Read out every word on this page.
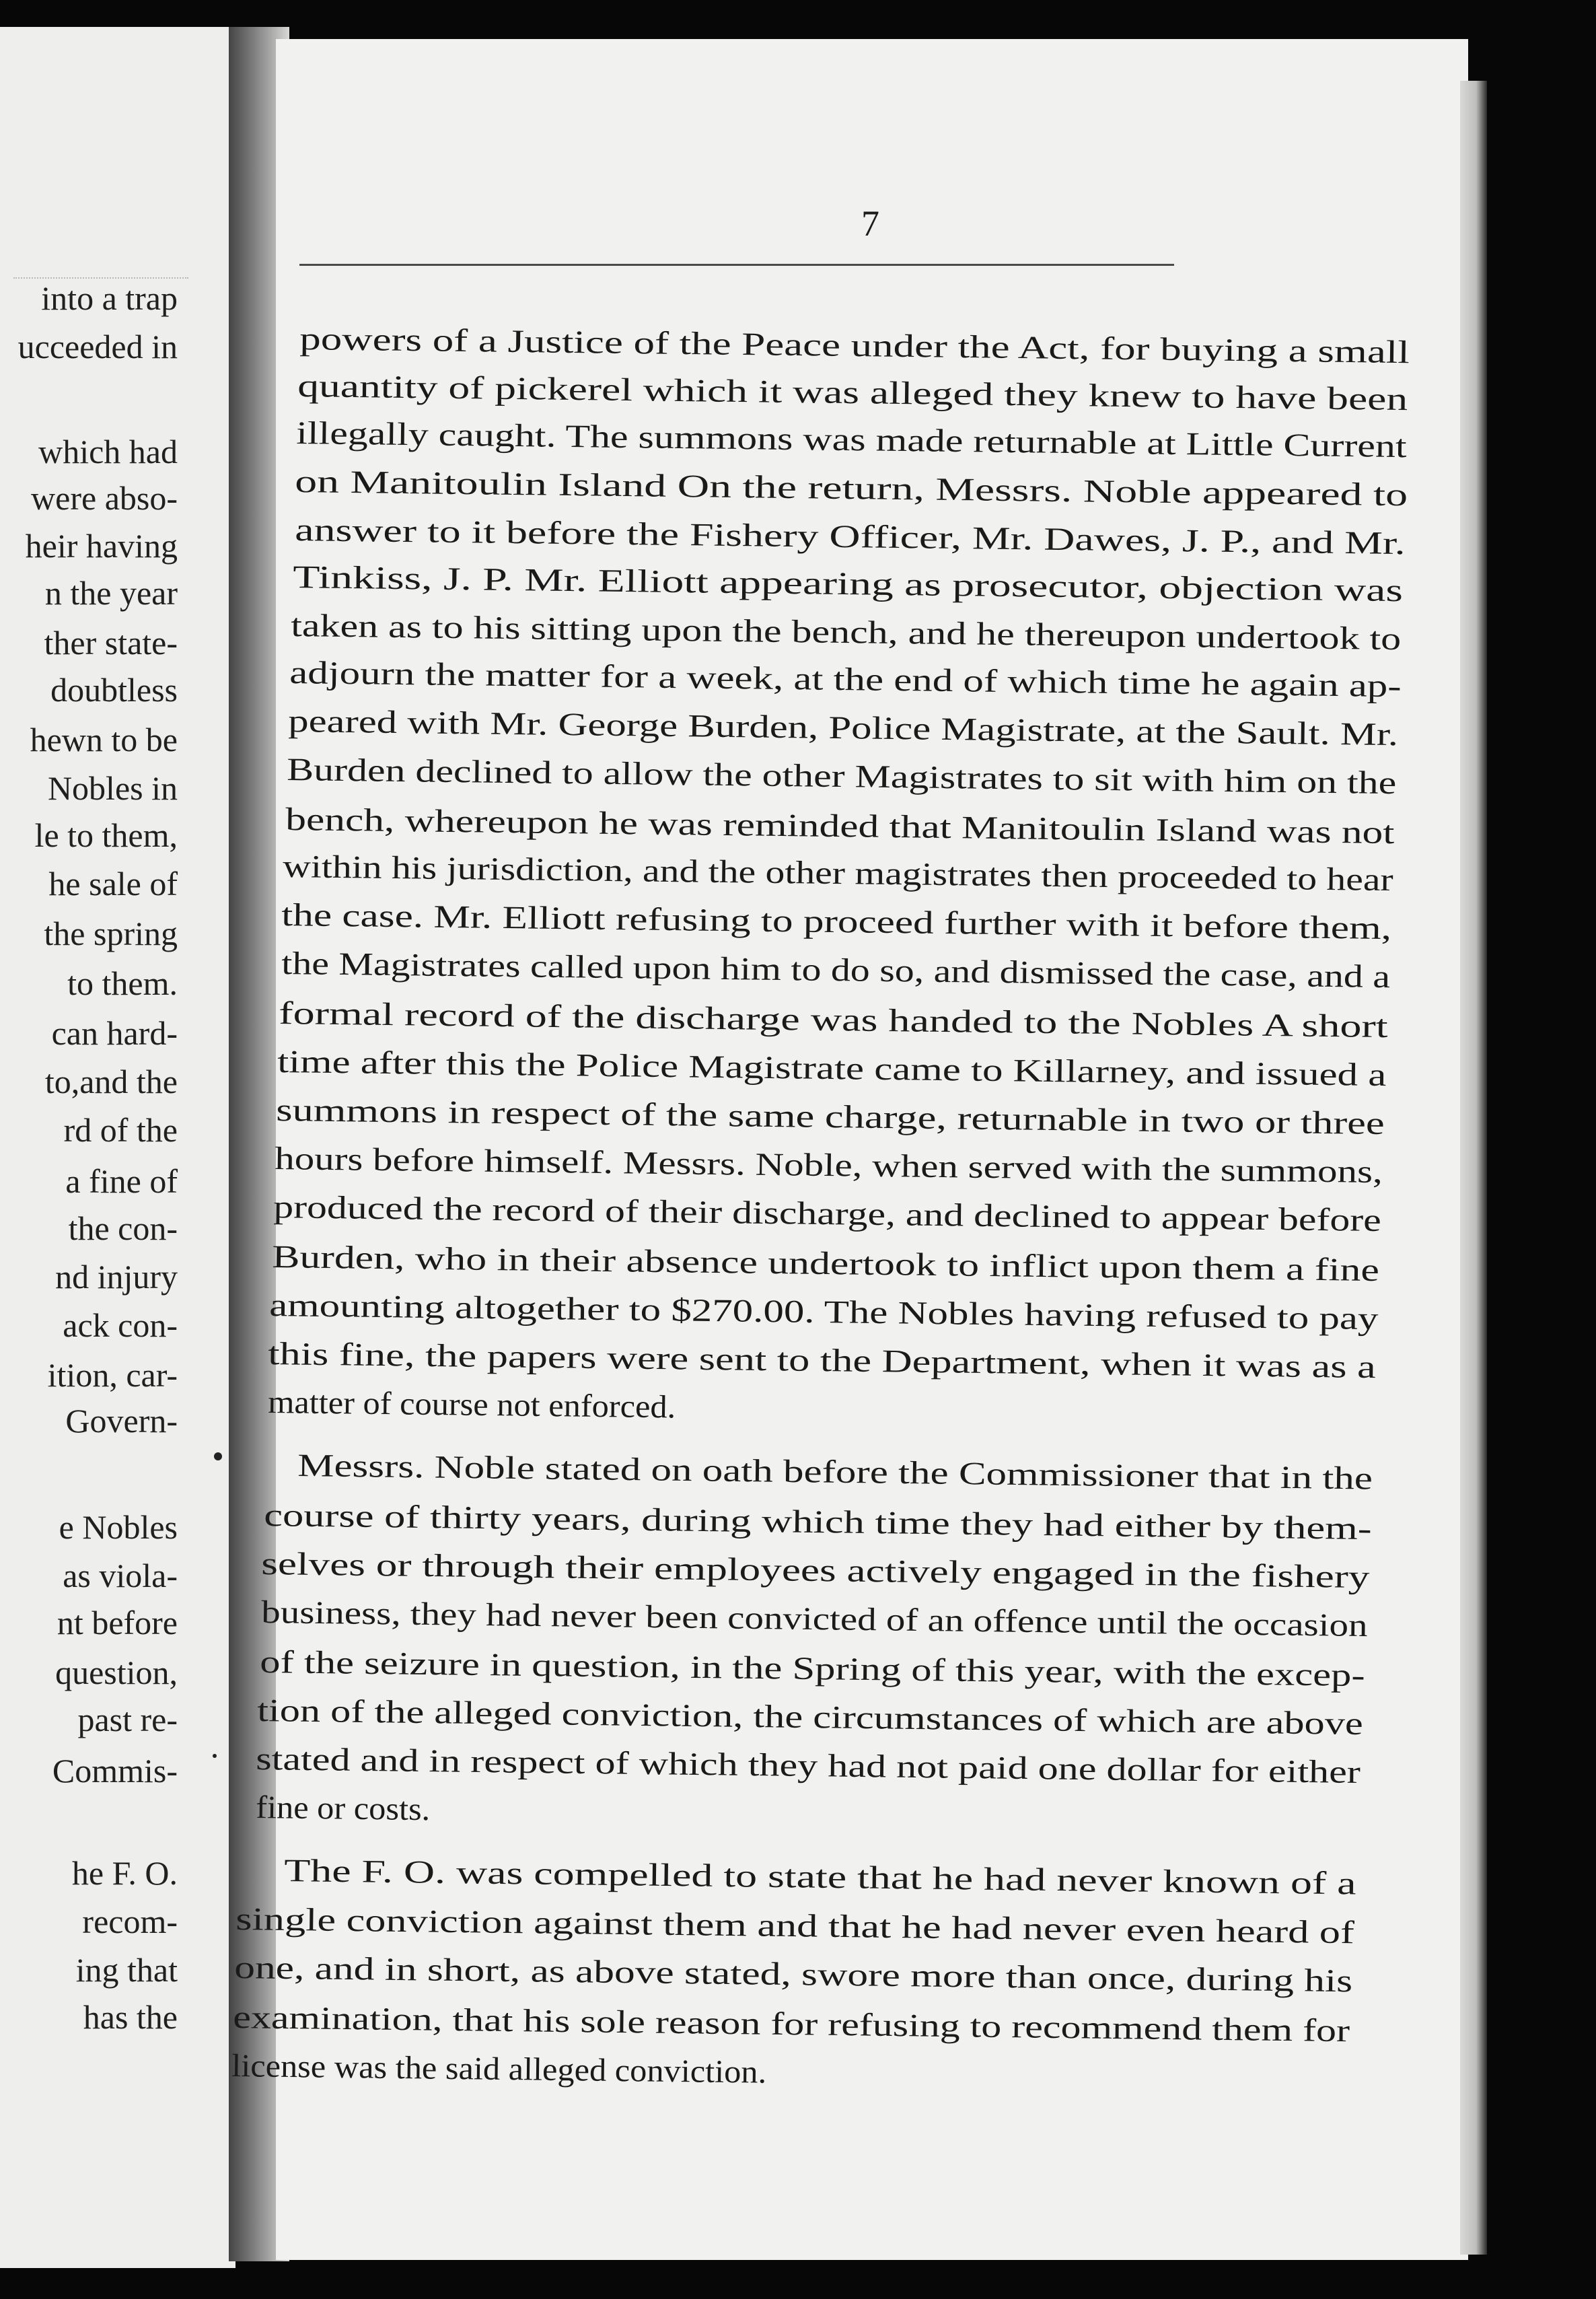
into a trap
ucceeded in
which had
were abso-
heir having
n the year
ther state-
doubtless
hewn to be
Nobles in
le to them,
he sale of
the spring
to them.
can hard-
to,and the
rd of the
a fine of
the con-
nd injury
ack con-
ition, car-
Govern-
e Nobles
as viola-
nt before
question,
past re-
Commis-
he F. O.
recom-
ing that
has the
7
powers of a Justice of the Peace under the Act, for buying a small
quantity of pickerel which it was alleged they knew to have been
illegally caught. The summons was made returnable at Little Current
on Manitoulin Island On the return, Messrs. Noble appeared to
answer to it before the Fishery Officer, Mr. Dawes, J. P., and Mr.
Tinkiss, J. P. Mr. Elliott appearing as prosecutor, objection was
taken as to his sitting upon the bench, and he thereupon undertook to
adjourn the matter for a week, at the end of which time he again ap-
peared with Mr. George Burden, Police Magistrate, at the Sault. Mr.
Burden declined to allow the other Magistrates to sit with him on the
bench, whereupon he was reminded that Manitoulin Island was not
within his jurisdiction, and the other magistrates then proceeded to hear
the case. Mr. Elliott refusing to proceed further with it before them,
the Magistrates called upon him to do so, and dismissed the case, and a
formal record of the discharge was handed to the Nobles A short
time after this the Police Magistrate came to Killarney, and issued a
summons in respect of the same charge, returnable in two or three
hours before himself. Messrs. Noble, when served with the summons,
produced the record of their discharge, and declined to appear before
Burden, who in their absence undertook to inflict upon them a fine
amounting altogether to $270.00. The Nobles having refused to pay
this fine, the papers were sent to the Department, when it was as a
matter of course not enforced.
Messrs. Noble stated on oath before the Commissioner that in the
course of thirty years, during which time they had either by them-
selves or through their employees actively engaged in the fishery
business, they had never been convicted of an offence until the occasion
of the seizure in question, in the Spring of this year, with the excep-
tion of the alleged conviction, the circumstances of which are above
stated and in respect of which they had not paid one dollar for either
fine or costs.
The F. O. was compelled to state that he had never known of a
single conviction against them and that he had never even heard of
one, and in short, as above stated, swore more than once, during his
examination, that his sole reason for refusing to recommend them for
license was the said alleged conviction.
